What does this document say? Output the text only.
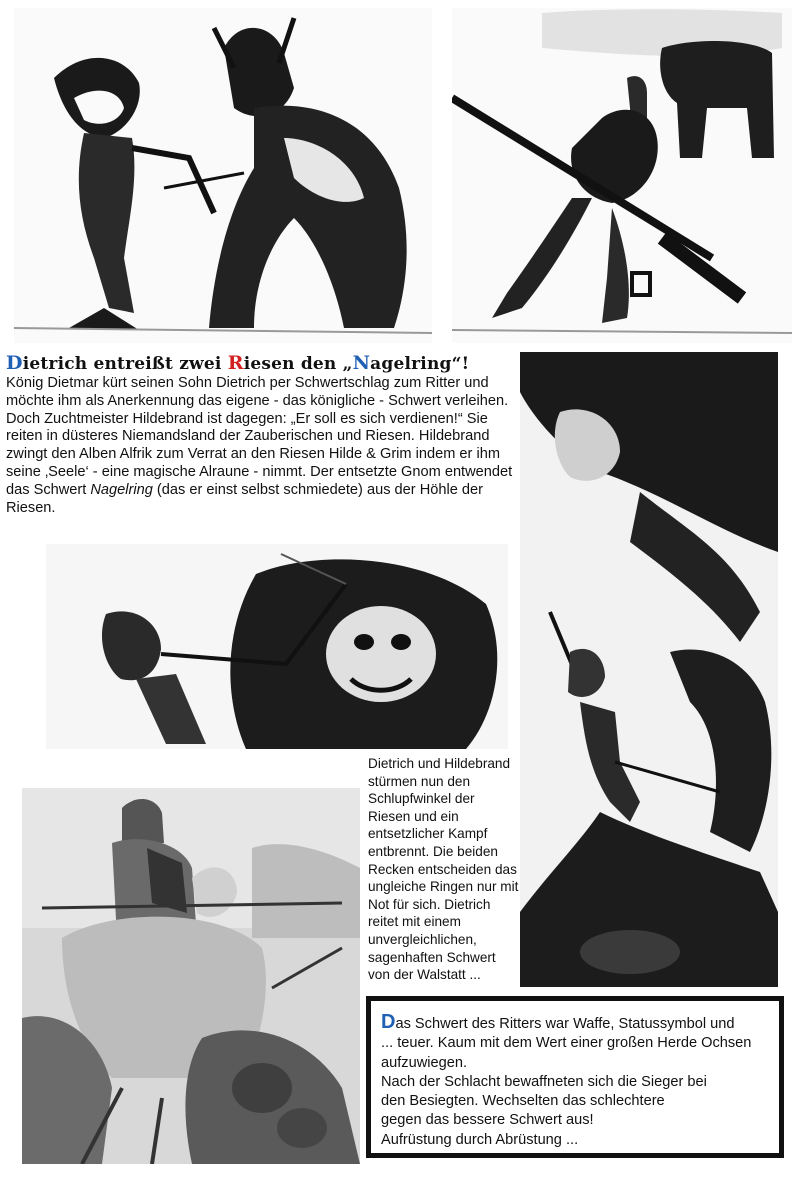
Dietrich entreißt zwei Riesen den „Nagelring“!

König Dietmar kürt seinen Sohn Dietrich per Schwertschlag zum Ritter und möchte ihm als Anerkennung das eigene - das königliche - Schwert verleihen. Doch Zuchtmeister Hildebrand ist dagegen: „Er soll es sich verdienen!“ Sie reiten in düsteres Niemandsland der Zauberischen und Riesen. Hildebrand zwingt den Alben Alfrik zum Verrat an den Riesen Hilde & Grim indem er ihm seine ‚Seele‘ - eine magische Alraune - nimmt. Der entsetzte Gnom entwendet das Schwert Nagelring (das er einst selbst schmiedete) aus der Höhle der Riesen.

Dietrich und Hildebrand stürmen nun den Schlupfwinkel der Riesen und ein entsetzlicher Kampf entbrennt. Die beiden Recken entscheiden das ungleiche Ringen nur mit Not für sich. Dietrich reitet mit einem unvergleichlichen, sagenhaften Schwert von der Walstatt ...

Das Schwert des Ritters war Waffe, Statussymbol und

... teuer. Kaum mit dem Wert einer großen Herde Ochsen

aufzuwiegen.

Nach der Schlacht bewaffneten sich die Sieger bei

den Besiegten. Wechselten das schlechtere

gegen das bessere Schwert aus!

Aufrüstung durch Abrüstung ...
